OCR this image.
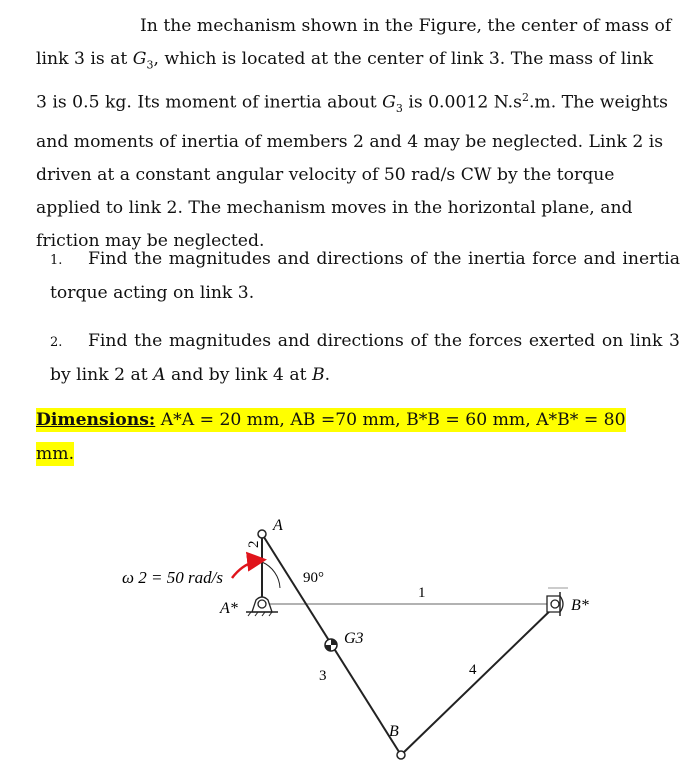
In the mechanism shown in the Figure, the center of mass of
link 3 is at $G_3$, which is located at the center of link 3. The mass of link
3 is 0.5 kg. Its moment of inertia about $G_3$ is 0.0012 $N.s^2.m$. The weights
and moments of inertia of members 2 and 4 may be neglected. Link 2 is
driven at a constant angular velocity of 50 rad/s CW by the torque
applied to link 2. The mechanism moves in the horizontal plane, and
friction may be neglected.
1. Find the magnitudes and directions of the inertia force and inertia torque acting on link 3.
2. Find the magnitudes and directions of the forces exerted on link 3 by link 2 at A and by link 4 at B.
Dimensions: A*A = 20 mm, AB =70 mm, B*B = 60 mm, A*B* = 80
mm.
ω 2 = 50 rad/s
A
A*
B
B*
G3
1
2
3	4
90°
